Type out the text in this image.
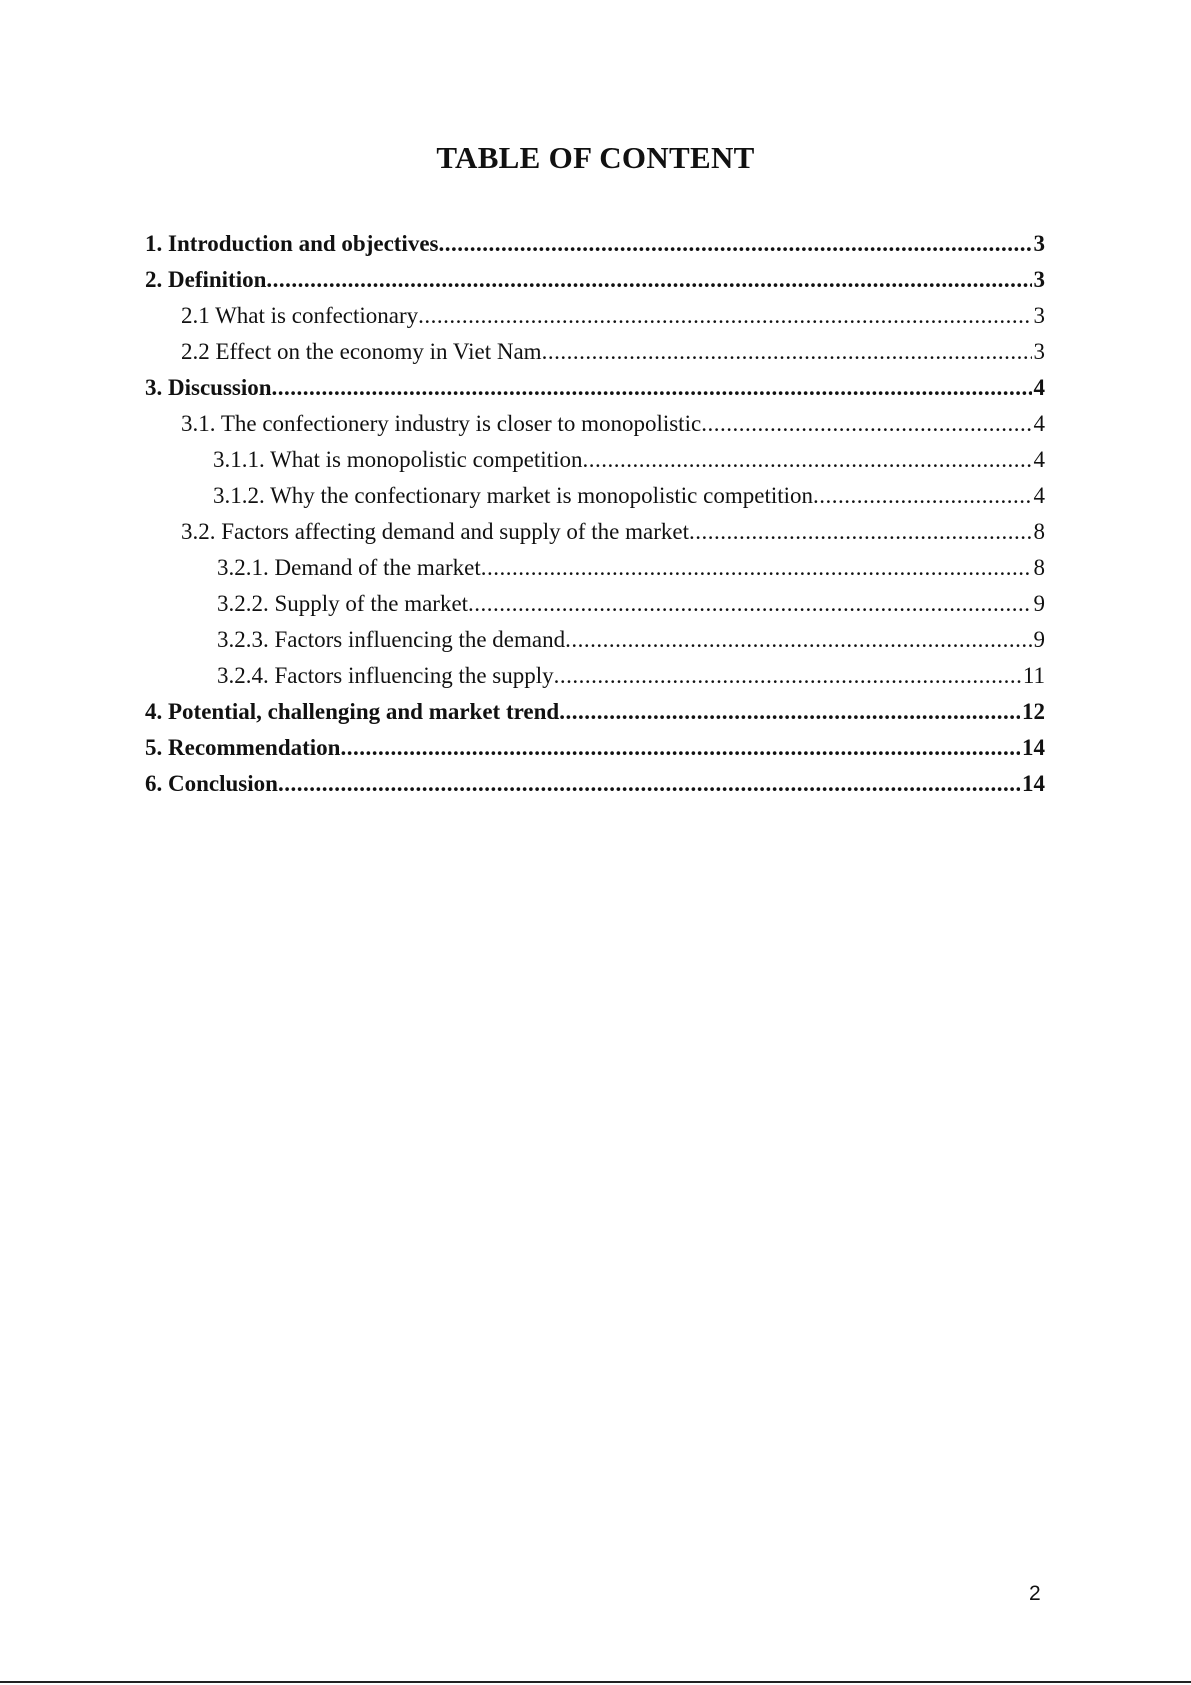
TABLE OF CONTENT
1. Introduction and objectives .....	3
2. Definition .....	3
2.1 What is confectionary .....	3
2.2 Effect on the economy in Viet Nam .....	3
3. Discussion .....	4
3.1. The confectionery industry is closer to monopolistic .....	4
3.1.1. What is monopolistic competition .....	4
3.1.2. Why the confectionary market is monopolistic competition .....	4
3.2. Factors affecting demand and supply of the market .....	8
3.2.1. Demand of the market .....	8
3.2.2. Supply of the market .....	9
3.2.3. Factors influencing the demand .....	9
3.2.4. Factors influencing the supply .....	11
4. Potential, challenging and market trend .....	12
5. Recommendation .....	14
6. Conclusion .....	14
2
